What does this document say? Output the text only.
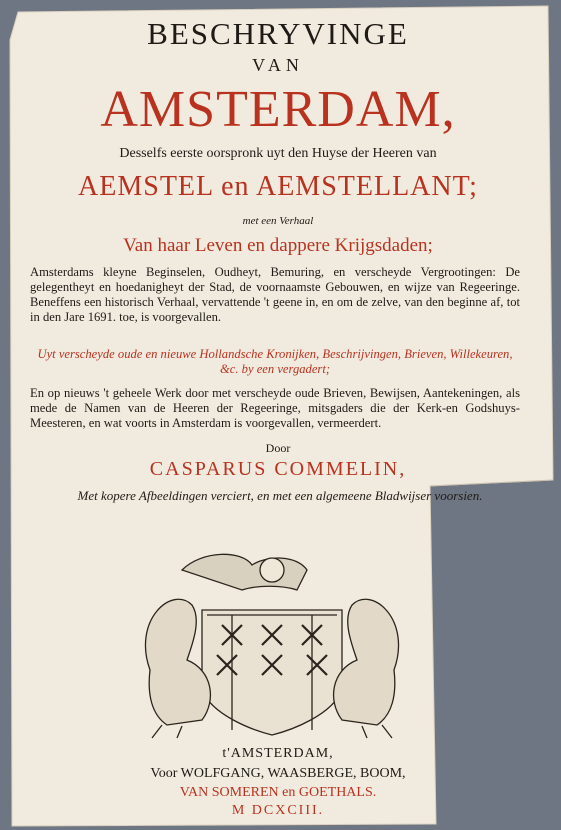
BESCHRYVINGE
VAN
AMSTERDAM,
Desselfs eerste oorspronk uyt den Huyse der Heeren van
AEMSTEL en AEMSTELLANT;
met een Verhaal
Van haar Leven en dappere Krijgsdaden;
Amsterdams kleyne Beginselen, Oudheyt, Bemuring, en verscheyde Vergrootingen: De gelegentheyt en hoedanigheyt der Stad, de voornaamste Gebouwen, en wijze van Regeeringe. Beneffens een historisch Verhaal, vervattende 't geene in, en om de zelve, van den beginne af, tot in den Jare 1691. toe, is voorgevallen.
Uyt verscheyde oude en nieuwe Hollandsche Kronijken, Beschrijvingen, Brieven, Willekeuren, &c. by een vergadert;
En op nieuws 't geheele Werk door met verscheyde oude Brieven, Bewijsen, Aantekeningen, als mede de Namen van de Heeren der Regeeringe, mitsgaders die der Kerk-en Godshuys-Meesteren, en wat voorts in Amsterdam is voorgevallen, vermeerdert.
Door
CASPARUS COMMELIN,
Met kopere Afbeeldingen verciert, en met een algemeene Bladwijser voorsien.
t'AMSTERDAM,
Voor WOLFGANG, WAASBERGE, BOOM,
VAN SOMEREN en GOETHALS.
M DCXCIII.
